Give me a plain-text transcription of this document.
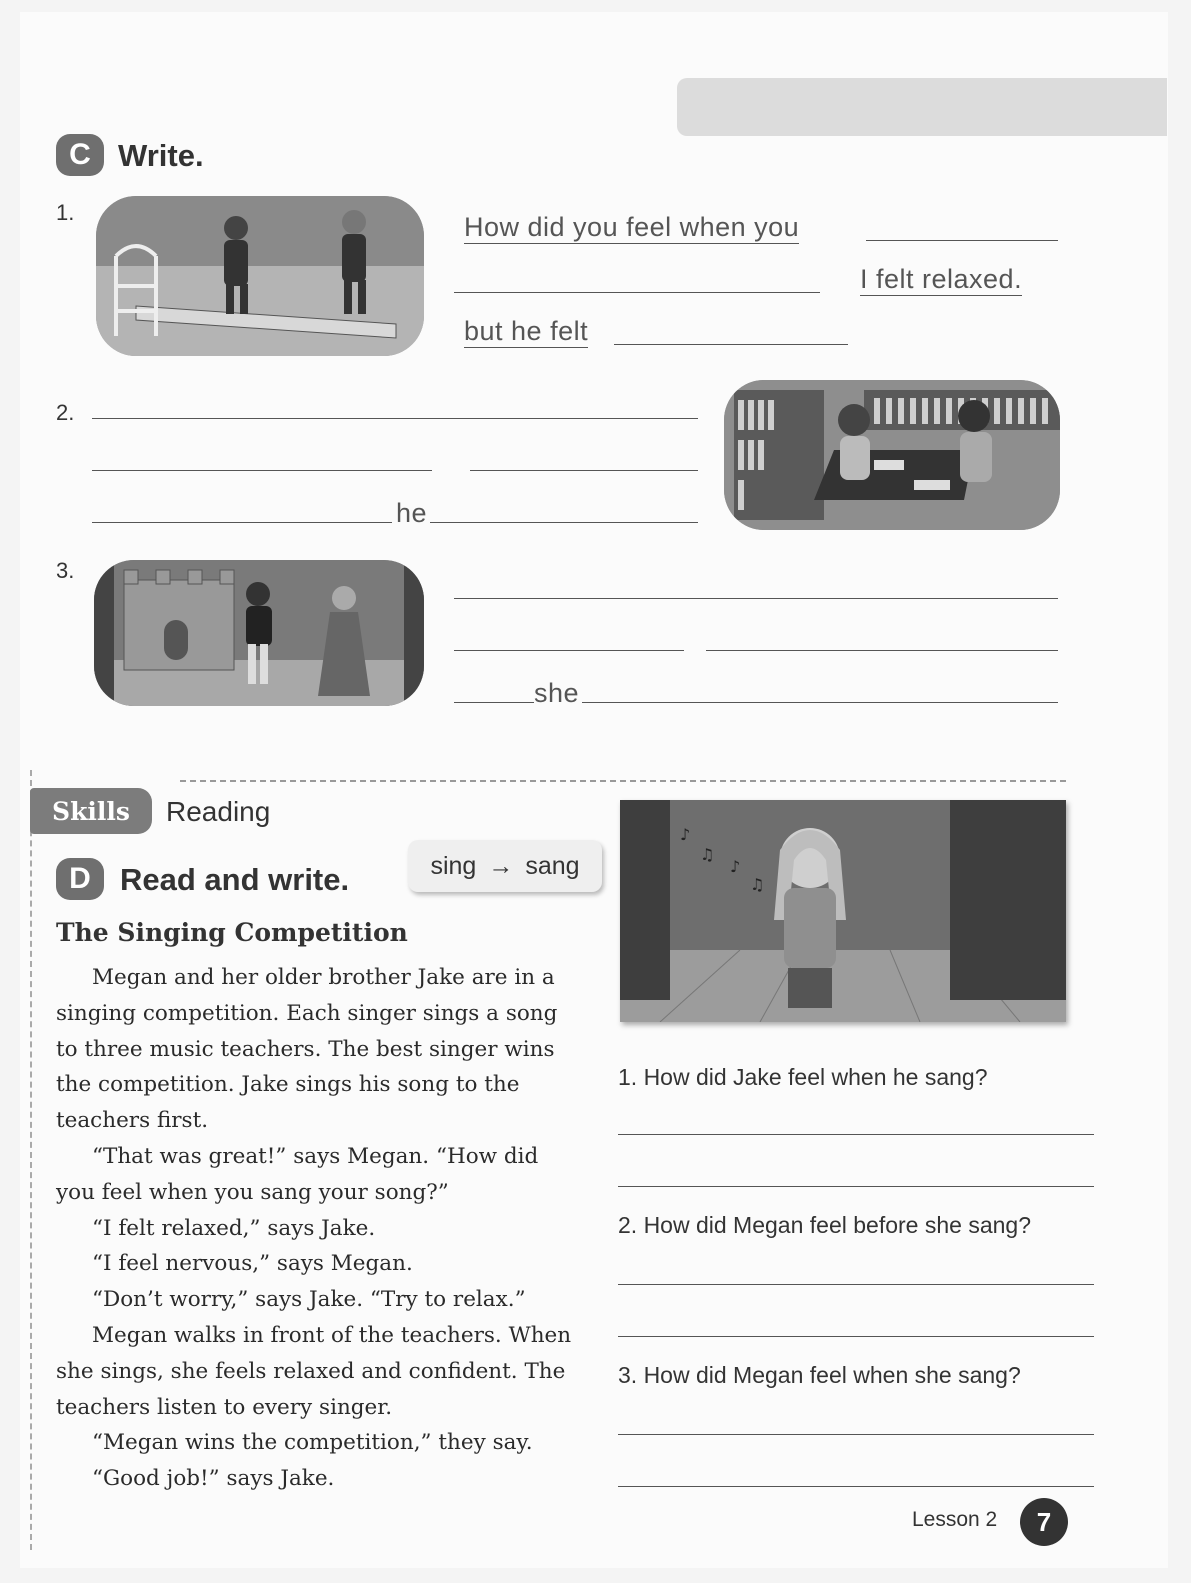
C Write.
1.	How did you feel when you
I felt relaxed.
but he felt
2.
he
3.
she
Skills	Reading
D Read and write.	sing → sang
The Singing Competition

Megan and her older brother Jake are in a singing competition. Each singer sings a song to three music teachers. The best singer wins the competition. Jake sings his song to the teachers first.

“That was great!” says Megan. “How did you feel when you sang your song?”

“I felt relaxed,” says Jake.

“I feel nervous,” says Megan.

“Don’t worry,” says Jake. “Try to relax.”

Megan walks in front of the teachers. When she sings, she feels relaxed and confident. The teachers listen to every singer.

“Megan wins the competition,” they say.

“Good job!” says Jake.

♪
♫
♪
♫
1. How did Jake feel when he sang?
2. How did Megan feel before she sang?
3. How did Megan feel when she sang?
Lesson 2	7
